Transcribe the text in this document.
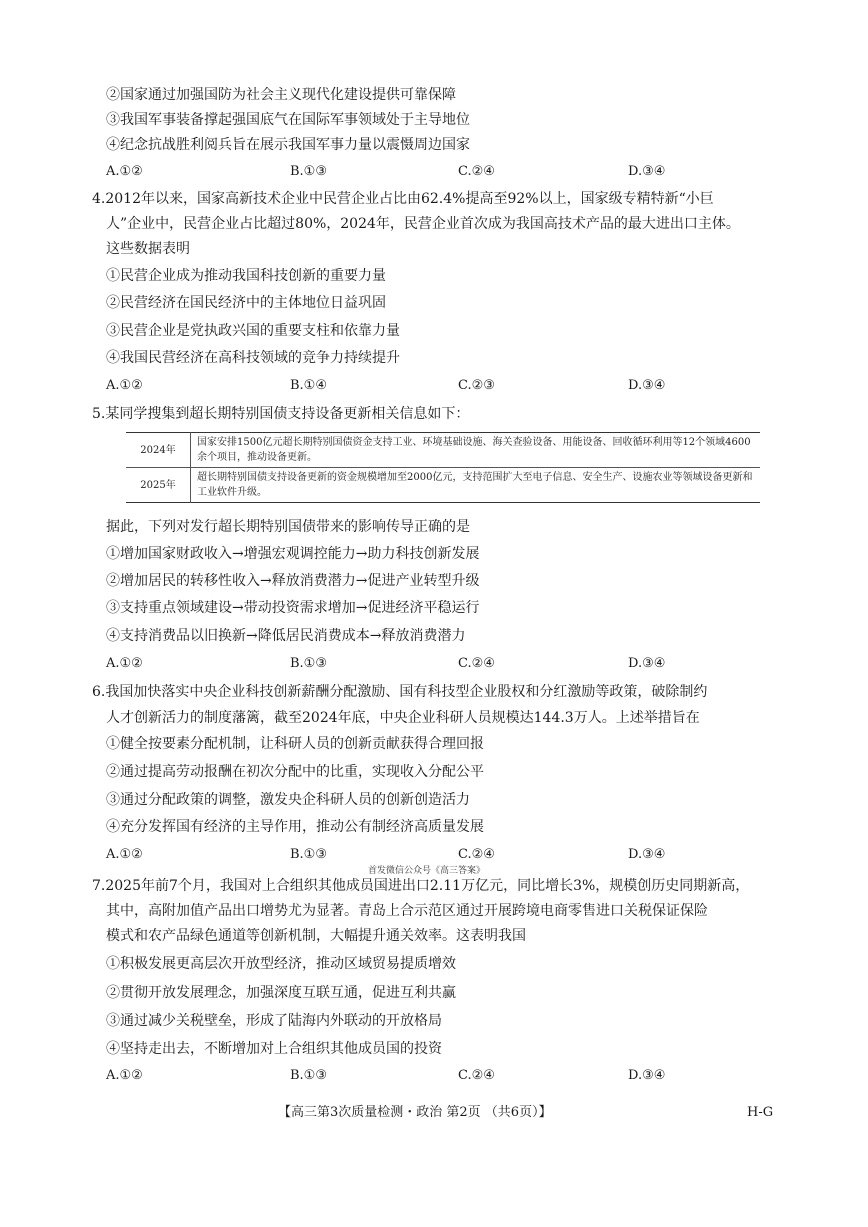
②国家通过加强国防为社会主义现代化建设提供可靠保障
③我国军事装备撑起强国底气在国际军事领域处于主导地位
④纪念抗战胜利阅兵旨在展示我国军事力量以震慑周边国家
A.①②	B.①③	C.②④	D.③④
4.2012年以来，国家高新技术企业中民营企业占比由62.4%提高至92%以上，国家级专精特新“小巨
人”企业中，民营企业占比超过80%，2024年，民营企业首次成为我国高技术产品的最大进出口主体。
这些数据表明
①民营企业成为推动我国科技创新的重要力量
②民营经济在国民经济中的主体地位日益巩固
③民营企业是党执政兴国的重要支柱和依靠力量
④我国民营经济在高科技领域的竞争力持续提升
A.①②	B.①④	C.②③	D.③④
5.某同学搜集到超长期特别国债支持设备更新相关信息如下：
2024年	国家安排1500亿元超长期特别国债资金支持工业、环境基础设施、海关查验设备、用能设备、回收循环利用等12个领域4600余个项目，推动设备更新。
2025年	超长期特别国债支持设备更新的资金规模增加至2000亿元，支持范围扩大至电子信息、安全生产、设施农业等领域设备更新和工业软件升级。
据此，下列对发行超长期特别国债带来的影响传导正确的是
①增加国家财政收入→增强宏观调控能力→助力科技创新发展
②增加居民的转移性收入→释放消费潜力→促进产业转型升级
③支持重点领域建设→带动投资需求增加→促进经济平稳运行
④支持消费品以旧换新→降低居民消费成本→释放消费潜力
A.①②	B.①③	C.②④	D.③④
6.我国加快落实中央企业科技创新薪酬分配激励、国有科技型企业股权和分红激励等政策，破除制约
人才创新活力的制度藩篱，截至2024年底，中央企业科研人员规模达144.3万人。上述举措旨在
①健全按要素分配机制，让科研人员的创新贡献获得合理回报
②通过提高劳动报酬在初次分配中的比重，实现收入分配公平
③通过分配政策的调整，激发央企科研人员的创新创造活力
④充分发挥国有经济的主导作用，推动公有制经济高质量发展
A.①②	B.①③	C.②④	D.③④
首发微信公众号《高三答案》
7.2025年前7个月，我国对上合组织其他成员国进出口2.11万亿元，同比增长3%，规模创历史同期新高，
其中，高附加值产品出口增势尤为显著。青岛上合示范区通过开展跨境电商零售进口关税保证保险
模式和农产品绿色通道等创新机制，大幅提升通关效率。这表明我国
①积极发展更高层次开放型经济，推动区域贸易提质增效
②贯彻开放发展理念，加强深度互联互通，促进互利共赢
③通过减少关税壁垒，形成了陆海内外联动的开放格局
④坚持走出去，不断增加对上合组织其他成员国的投资
A.①②	B.①③	C.②④	D.③④
【高三第3次质量检测・政治 第2页 （共6页）】	H-G
